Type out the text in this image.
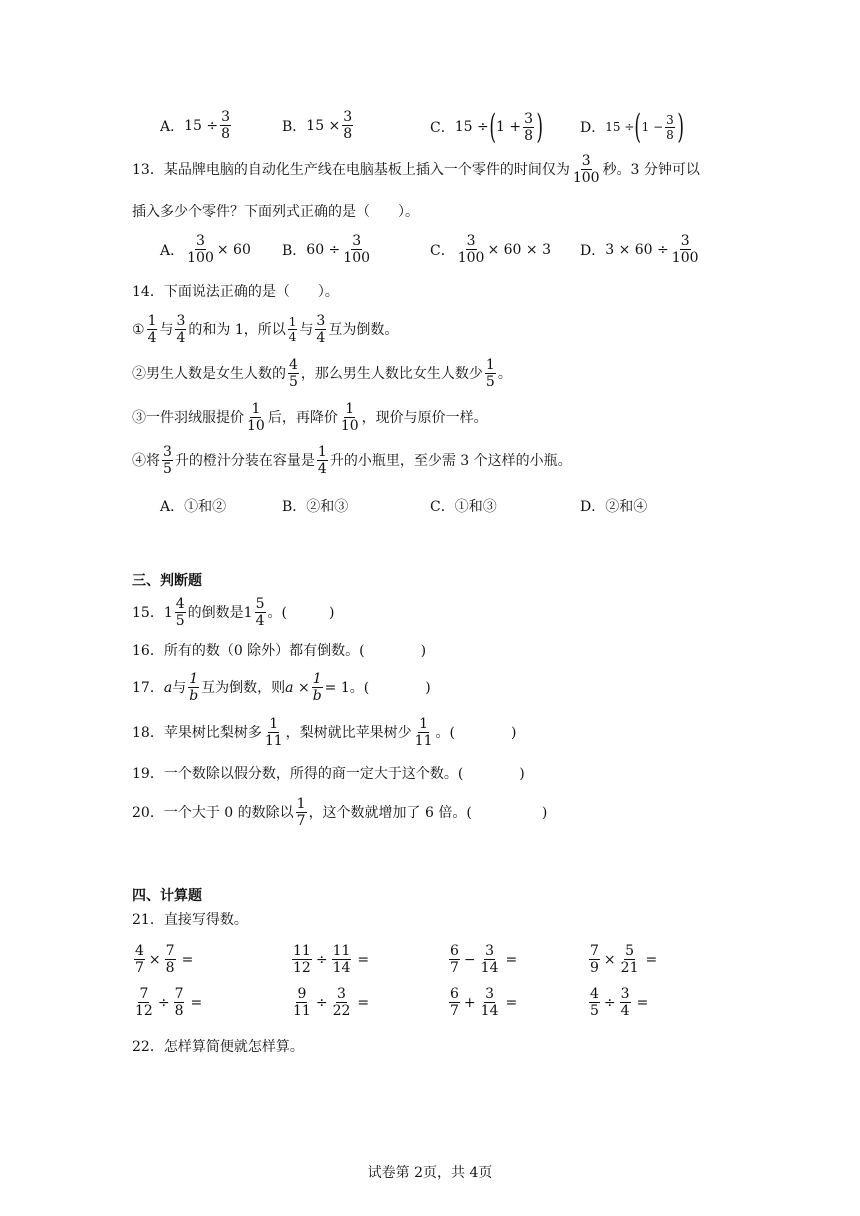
A． $15 \div \frac{3}{8}$	B． $15 \times \frac{3}{8}$	C． 15 ÷ ( $1 + \frac{3}{8}$ )	D． 15 ÷ ( $1 - \frac{3}{8}$ )
13． 某品牌电脑的自动化生产线在电脑基板上插入一个零件的时间仅为 $\frac{3}{100}$ 秒。3 分钟可以
插入多少个零件？下面列式正确的是（　　）。
A． $\frac{3}{100} \times 60$ B． $60 \div \frac{3}{100}$	C． $\frac{3}{100} \times 60 \times 3$ D． $3 \times 60 \div \frac{3}{100}$
14． 下面说法正确的是（　　）。
① $\frac{1}{4}$ 与 $\frac{3}{4}$ 的和为 1，所以 $\frac{1}{4}$ 与 $\frac{3}{4}$ 互为倒数。
②男生人数是女生人数的 $\frac{4}{5}$ ，那么男生人数比女生人数少 $\frac{1}{5}$ 。
③一件羽绒服提价 $\frac{1}{10}$ 后，再降价 $\frac{1}{10}$ ，现价与原价一样。
④将 $\frac{3}{5}$ 升的橙汁分装在容量是 $\frac{1}{4}$ 升的小瓶里，至少需 3 个这样的小瓶。
A．①和②	B．②和③	C．①和③	D．②和④
三、判断题
15． $1 \frac{4}{5}$ 的倒数是 $1 \frac{5}{4}$ 。(　　　)
16．所有的数（0 除外）都有倒数。(　　　　)
17． a 与 $\frac{1}{b}$ 互为倒数，则 $a \times \frac{1}{b} = 1$ 。(　　　　)
18． 苹果树比梨树多 $\frac{1}{11}$ ，梨树就比苹果树少 $\frac{1}{11}$ 。(　　　　)
19．一个数除以假分数，所得的商一定大于这个数。(　　　　)
20． 一个大于 0 的数除以 $\frac{1}{7}$ ，这个数就增加了 6 倍。(　　　　　)
四、计算题
21．直接写得数。
$\frac{4}{7} \times \frac{7}{8}$ =	$\frac{11}{12} \div \frac{11}{14}$ =	$\frac{6}{7} - \frac{3}{14}$ =	$\frac{7}{9} \times \frac{5}{21}$ =
$\frac{7}{12} \div \frac{7}{8}$ =	$\frac{9}{11} \div \frac{3}{22}$ =	$\frac{6}{7} + \frac{3}{14}$ =	$\frac{4}{5} \div \frac{3}{4}$ =
22．怎样算简便就怎样算。
试卷第 2页，共 4页
